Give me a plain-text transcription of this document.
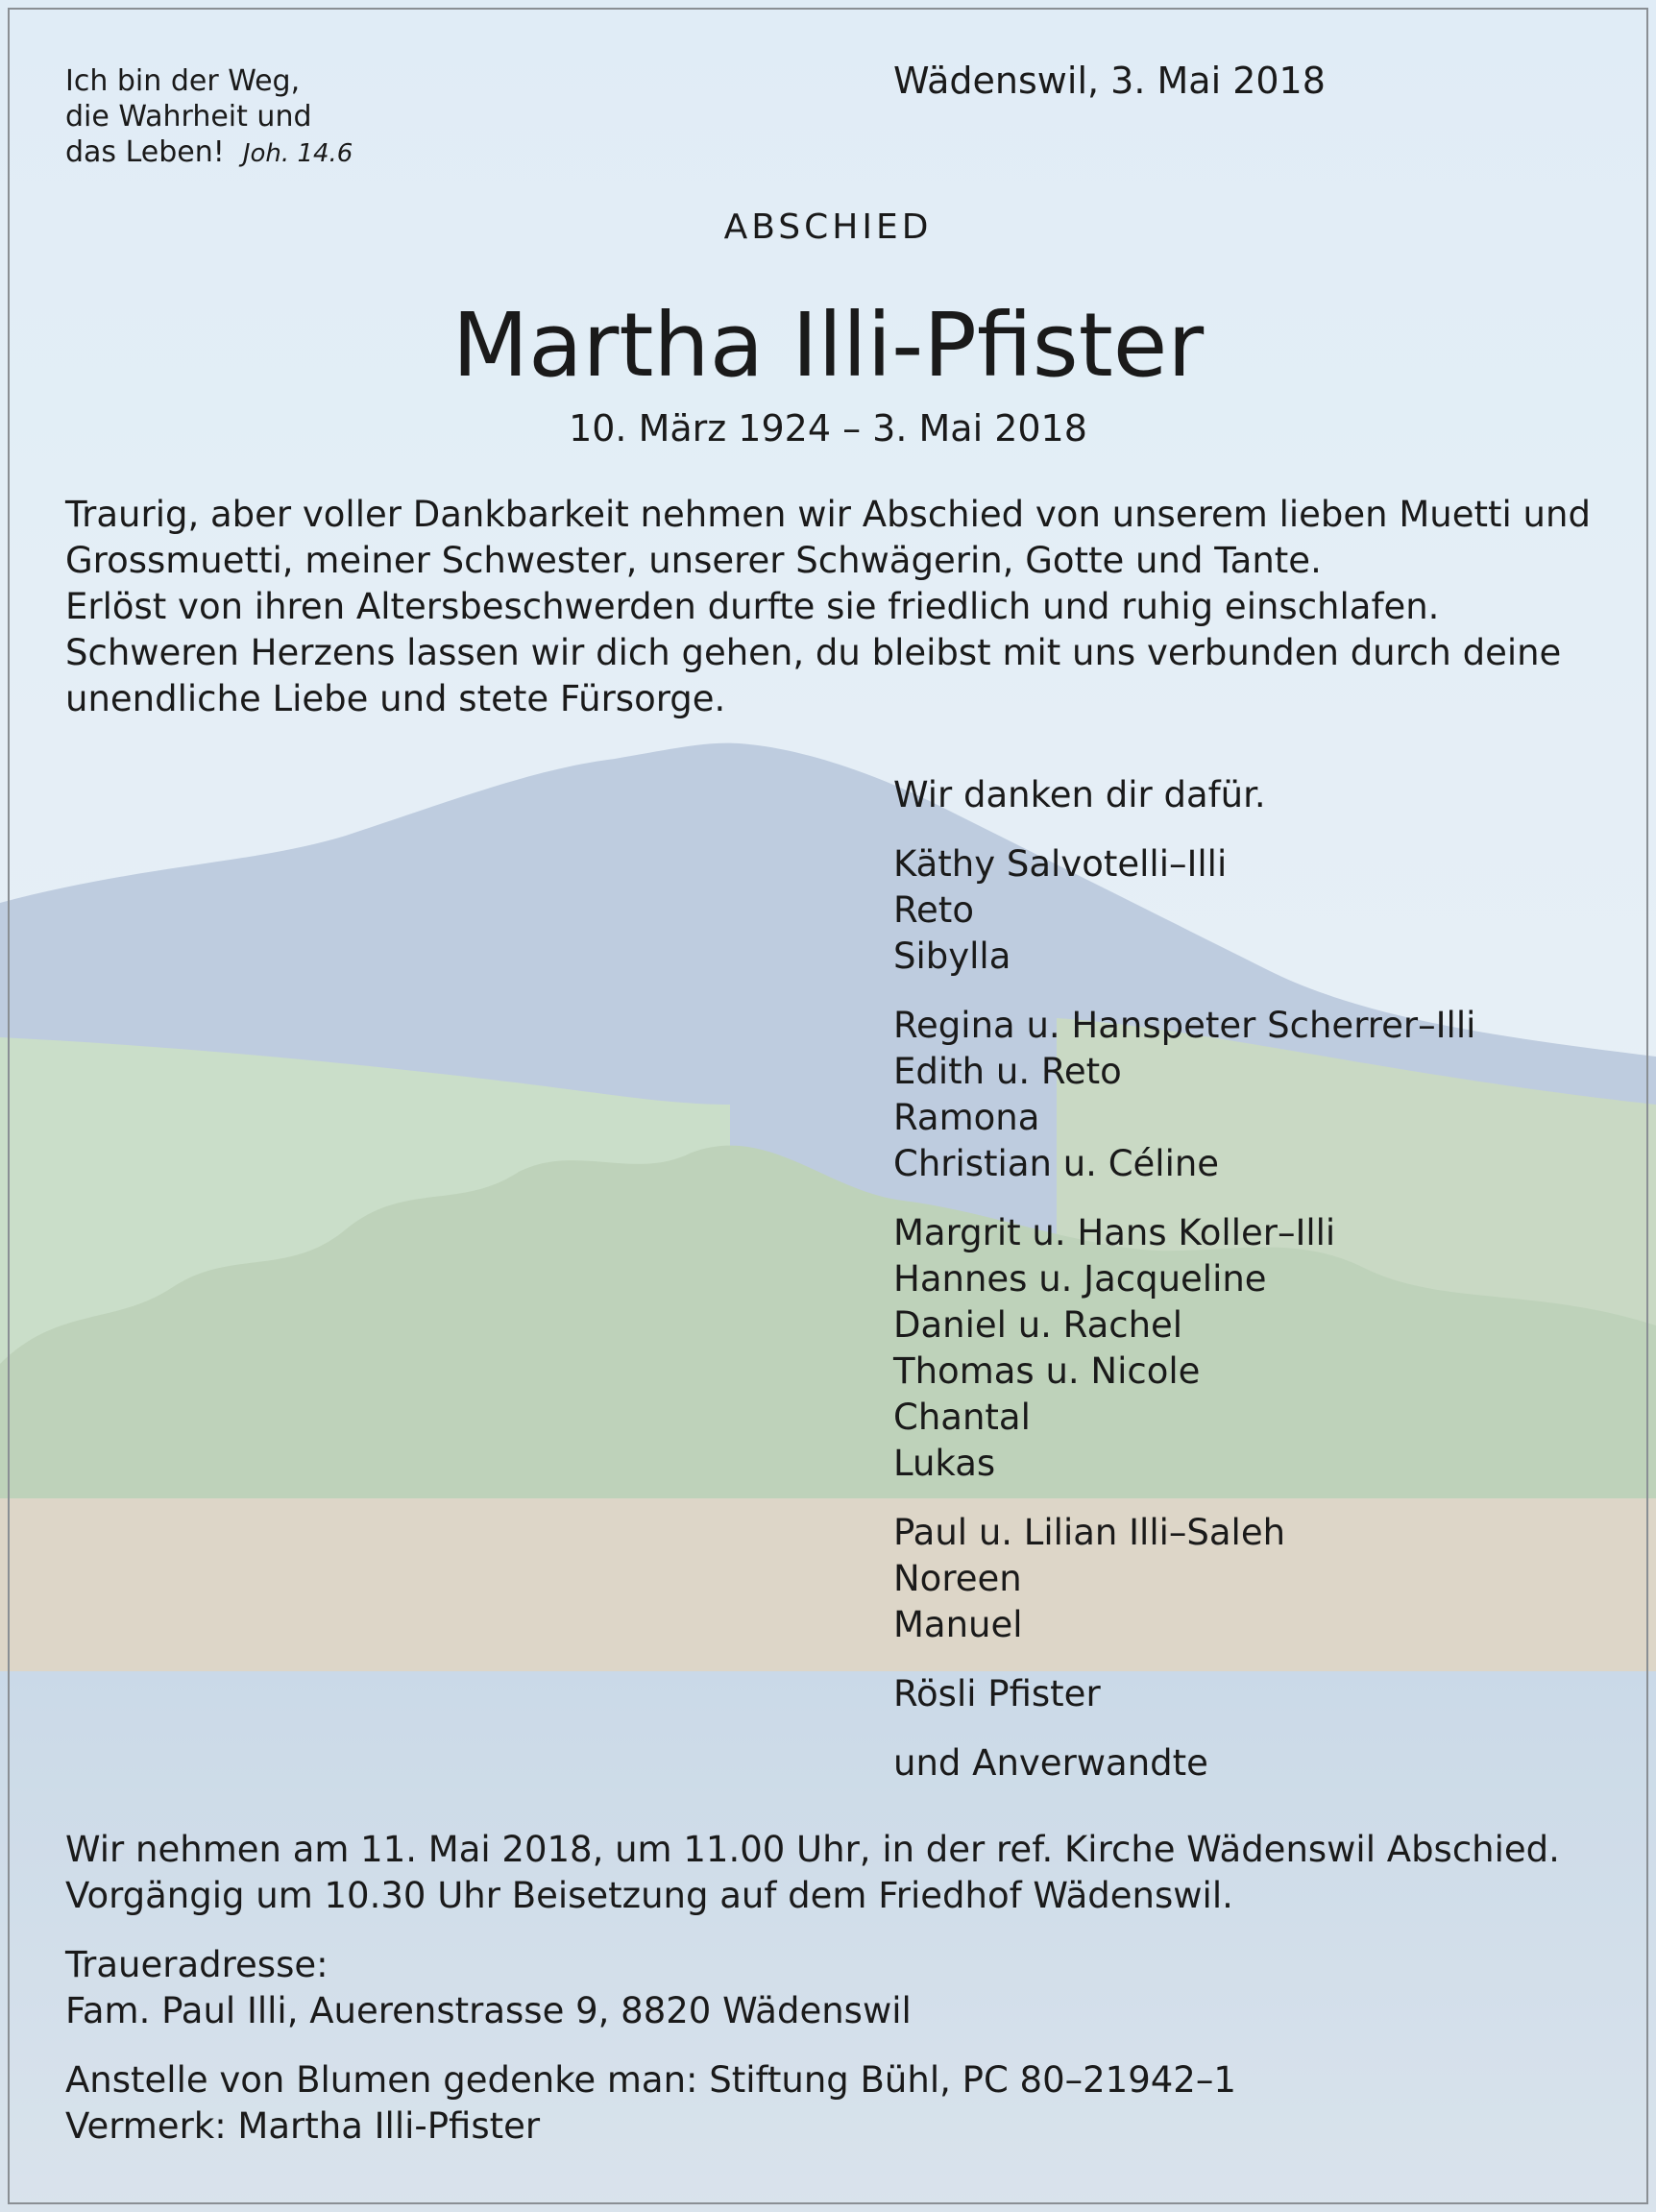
Ich bin der Weg,
die Wahrheit und
das Leben! Joh. 14.6
Wädenswil, 3. Mai 2018
ABSCHIED
Martha Illi-Pfister
10. März 1924 – 3. Mai 2018
Traurig, aber voller Dankbarkeit nehmen wir Abschied von unserem lieben Muetti und
Grossmuetti, meiner Schwester, unserer Schwägerin, Gotte und Tante.
Erlöst von ihren Altersbeschwerden durfte sie friedlich und ruhig einschlafen.
Schweren Herzens lassen wir dich gehen, du bleibst mit uns verbunden durch deine
unendliche Liebe und stete Fürsorge.
Wir danken dir dafür.
Käthy Salvotelli–Illi
Reto
Sibylla
Regina u. Hanspeter Scherrer–Illi
Edith u. Reto
Ramona
Christian u. Céline
Margrit u. Hans Koller–Illi
Hannes u. Jacqueline
Daniel u. Rachel
Thomas u. Nicole
Chantal
Lukas
Paul u. Lilian Illi–Saleh
Noreen
Manuel
Rösli Pfister
und Anverwandte
Wir nehmen am 11. Mai 2018, um 11.00 Uhr, in der ref. Kirche Wädenswil Abschied.
Vorgängig um 10.30 Uhr Beisetzung auf dem Friedhof Wädenswil.
Traueradresse:
Fam. Paul Illi, Auerenstrasse 9, 8820 Wädenswil
Anstelle von Blumen gedenke man: Stiftung Bühl, PC 80–21942–1
Vermerk: Martha Illi-Pfister
